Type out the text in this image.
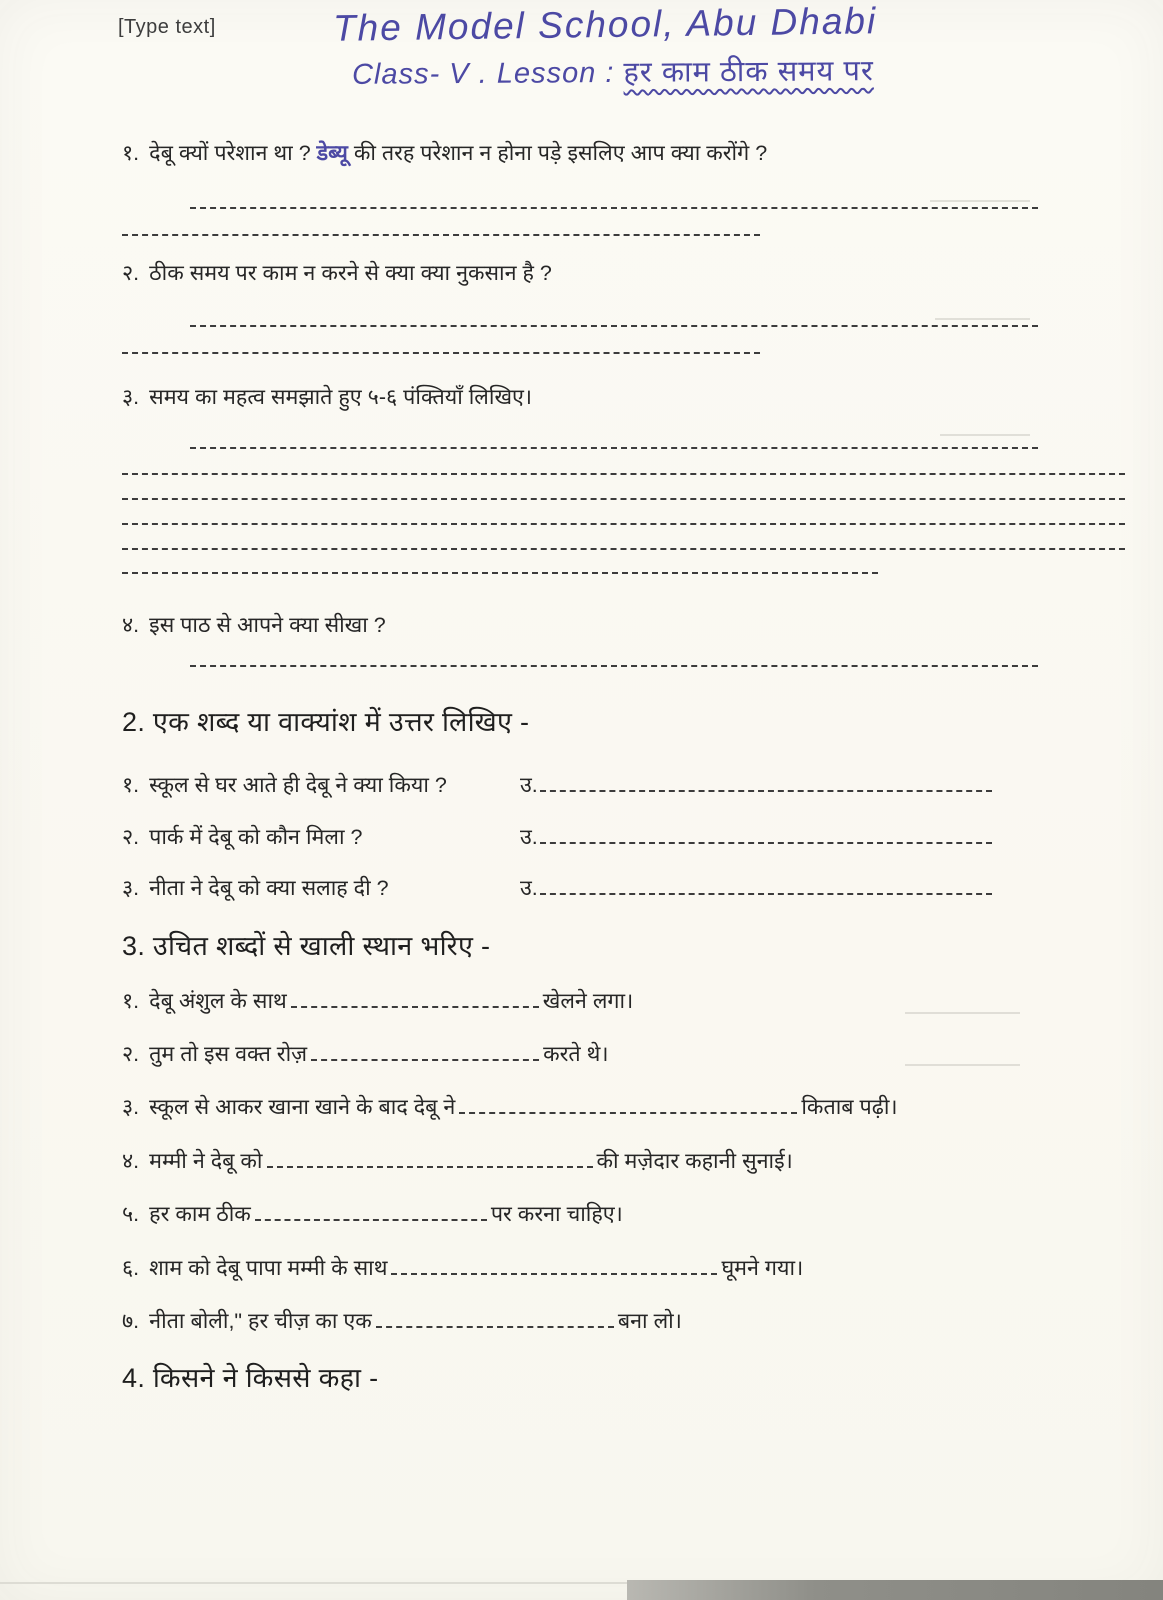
[Type text]	The Model School, Abu Dhabi
Class- V . Lesson : हर काम ठीक समय पर
१. देबू क्यों परेशान था ? डेब्यू की तरह परेशान न होना पड़े इसलिए आप क्या करोंगे ?
२. ठीक समय पर काम न करने से क्या क्या नुकसान है ?
३. समय का महत्व समझाते हुए ५-६ पंक्तियाँ लिखिए।
४. इस पाठ से आपने क्या सीखा ?
2. एक शब्द या वाक्यांश में उत्तर लिखिए -
१. स्कूल से घर आते ही देबू ने क्या किया ?	उ.
२. पार्क में देबू को कौन मिला ?	उ.
३. नीता ने देबू को क्या सलाह दी ?	उ.
3. उचित शब्दों से खाली स्थान भरिए -
१. देबू अंशुल के साथ	खेलने लगा।
२. तुम तो इस वक्त रोज़	करते थे।
३. स्कूल से आकर खाना खाने के बाद देबू ने	किताब पढ़ी।
४. मम्मी ने देबू को	की मज़ेदार कहानी सुनाई।
५. हर काम ठीक	पर करना चाहिए।
६. शाम को देबू पापा मम्मी के साथ	घूमने गया।
७. नीता बोली," हर चीज़ का एक	बना लो।
4. किसने ने किससे कहा -
